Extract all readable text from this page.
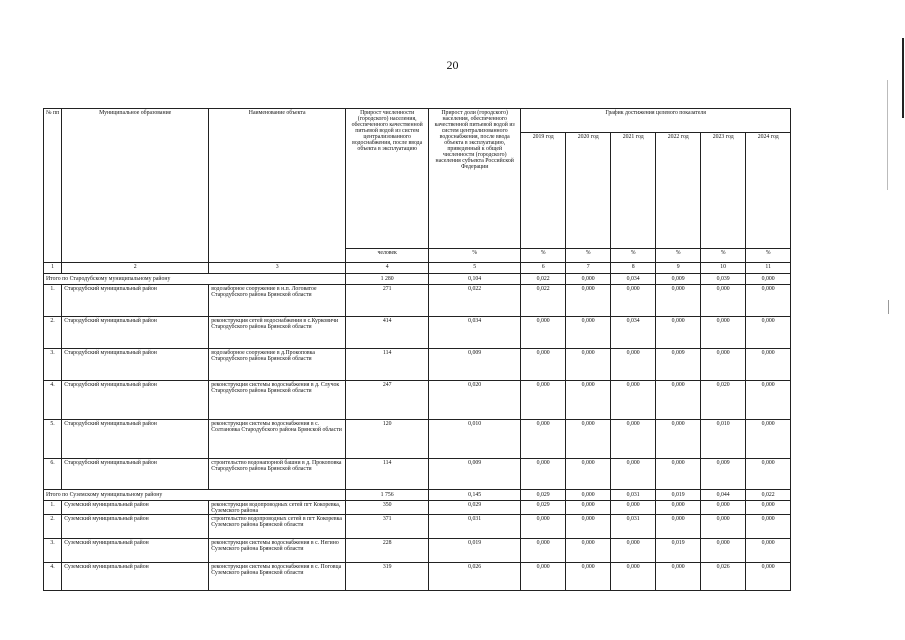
20
№ пп	Муниципальное образование	Наименование объекта	Прирост численности (городского) населения, обеспеченного качественной питьевой водой из систем централизованного водоснабжения, после ввода объекта в эксплуатацию	Прирост доли (городского) населения, обеспеченного качественной питьевой водой из систем централизованного водоснабжения, после ввода объекта в эксплуатацию, приведенный к общей численности (городского) населения субъекта Российской Федерации	График достижения целевого показателя					
					2019 год	2020 год	2021 год	2022 год	2023 год	2024 год
			человек	%	%	%	%	%	%	%
1	2	3	4	5	6	7	8	9	10	11
Итого по Стародубскому муниципальному району			1 280	0,104	0,022	0,000	0,034	0,009	0,039	0,000
1.	Стародубский муниципальный район	водозаборное сооружение в н.п. Логоватое Стародубского района Брянской области	271	0,022	0,022	0,000	0,000	0,000	0,000	0,000
2.	Стародубский муниципальный район	реконструкция сетей водоснабжения в с.Курковичи Стародубского района Брянской области	414	0,034	0,000	0,000	0,034	0,000	0,000	0,000
3.	Стародубский муниципальный район	водозаборное сооружение в д.Прокоповка Стародубского района Брянской области	114	0,009	0,000	0,000	0,000	0,009	0,000	0,000
4.	Стародубский муниципальный район	реконструкция системы водоснабжения в д. Случок Стародубского района Брянской области	247	0,020	0,000	0,000	0,000	0,000	0,020	0,000
5.	Стародубский муниципальный район	реконструкция системы водоснабжения в с. Солтановка Стародубского района Брянской области	120	0,010	0,000	0,000	0,000	0,000	0,010	0,000
6.	Стародубский муниципальный район	строительство водонапорной башни в д. Прокоповка Стародубского района Брянской области	114	0,009	0,000	0,000	0,000	0,000	0,009	0,000
Итого по Суземскому муниципальному району			1 756	0,145	0,029	0,000	0,031	0,019	0,044	0,022
1.	Суземский муниципальный район	реконструкция водопроводных сетей пгт Кокоревка, Суземского района	350	0,029	0,029	0,000	0,000	0,000	0,000	0,000
2.	Суземский муниципальный район	строительство водопроводных сетей в пгт Кокоревка Суземского района Брянской области	371	0,031	0,000	0,000	0,031	0,000	0,000	0,000
3.	Суземский муниципальный район	реконструкция системы водоснабжения в с. Негино Суземского района Брянской области	228	0,019	0,000	0,000	0,000	0,019	0,000	0,000
4.	Суземский муниципальный район	реконструкция системы водоснабжения в с. Поговца Суземского района Брянской области	319	0,026	0,000	0,000	0,000	0,000	0,026	0,000
